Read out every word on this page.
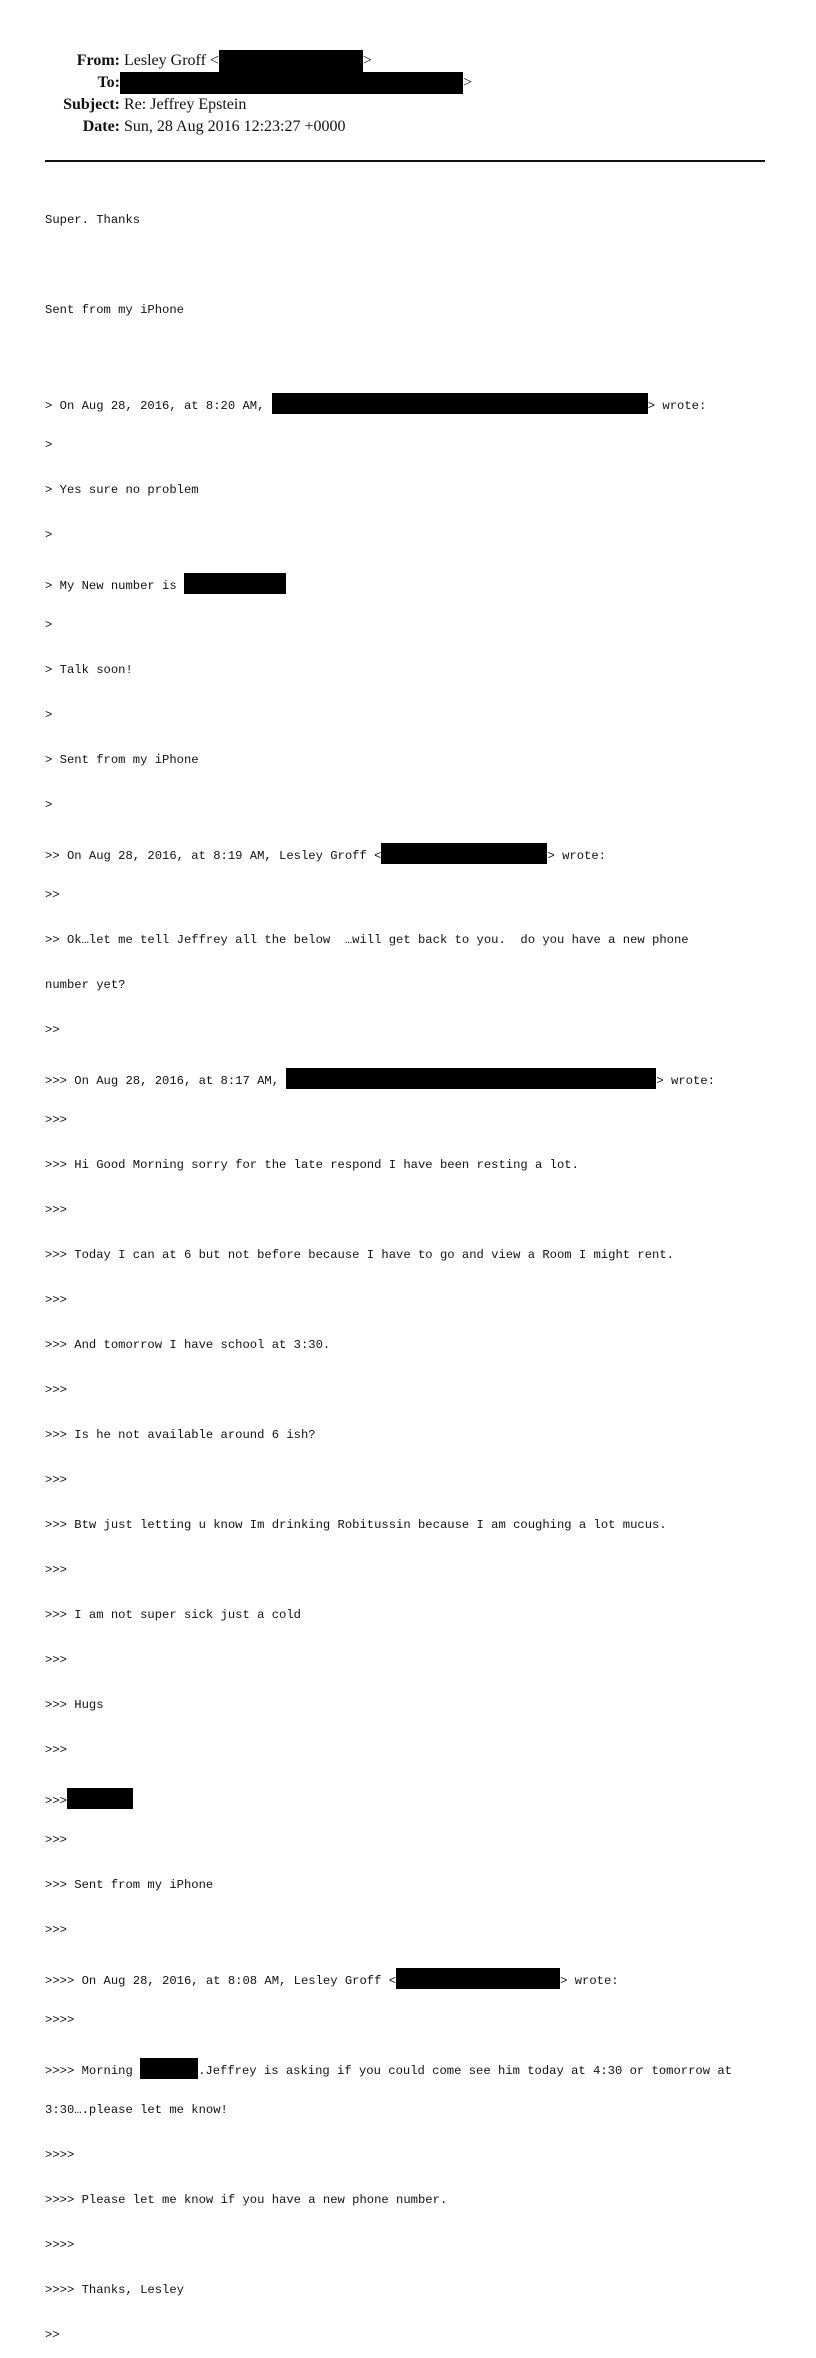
From: Lesley Groff <	>
To:	>
Subject: Re: Jeffrey Epstein
Date: Sun, 28 Aug 2016 12:23:27 +0000

Super. Thanks

Sent from my iPhone

> On Aug 28, 2016, at 8:20 AM,	> wrote:

>

> Yes sure no problem

>

> My New number is

>

> Talk soon!

>

> Sent from my iPhone

>

>> On Aug 28, 2016, at 8:19 AM, Lesley Groff <	> wrote:

>>

>> Ok…let me tell Jeffrey all the below  …will get back to you.  do you have a new phone

number yet?

>>

>>> On Aug 28, 2016, at 8:17 AM,	> wrote:

>>>

>>> Hi Good Morning sorry for the late respond I have been resting a lot.

>>>

>>> Today I can at 6 but not before because I have to go and view a Room I might rent.

>>>

>>> And tomorrow I have school at 3:30.

>>>

>>> Is he not available around 6 ish?

>>>

>>> Btw just letting u know Im drinking Robitussin because I am coughing a lot mucus.

>>>

>>> I am not super sick just a cold

>>>

>>> Hugs

>>>

>>>

>>>

>>> Sent from my iPhone

>>>

>>>> On Aug 28, 2016, at 8:08 AM, Lesley Groff <	> wrote:

>>>>

>>>> Morning	.Jeffrey is asking if you could come see him today at 4:30 or tomorrow at

3:30….please let me know!

>>>>

>>>> Please let me know if you have a new phone number.

>>>>

>>>> Thanks, Lesley

>>
